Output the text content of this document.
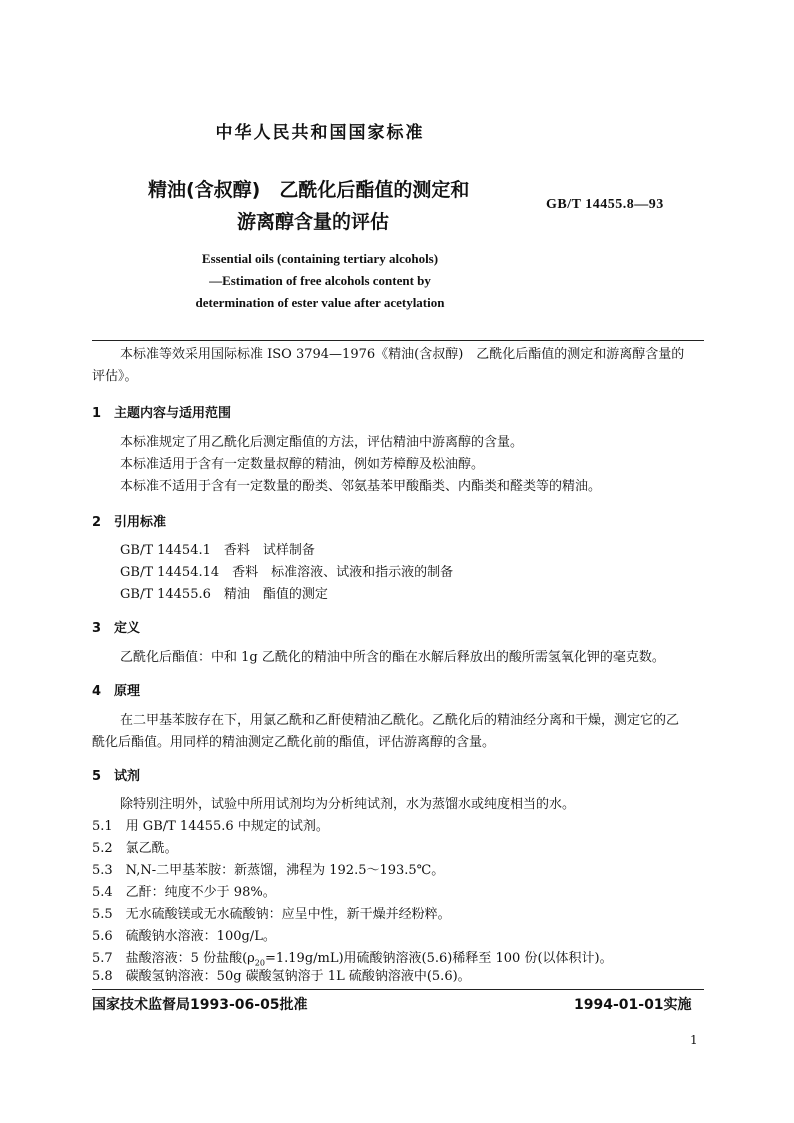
中华人民共和国国家标准
精油(含叔醇)　乙酰化后酯值的测定和
游离醇含量的评估
GB/T 14455.8—93
Essential oils (containing tertiary alcohols)
—Estimation of free alcohols content by
determination of ester value after acetylation
本标准等效采用国际标准 ISO 3794—1976《精油(含叔醇)　乙酰化后酯值的测定和游离醇含量的
评估》。
1　主题内容与适用范围
本标准规定了用乙酰化后测定酯值的方法，评估精油中游离醇的含量。
本标准适用于含有一定数量叔醇的精油，例如芳樟醇及松油醇。
本标准不适用于含有一定数量的酚类、邻氨基苯甲酸酯类、内酯类和醛类等的精油。
2　引用标准
GB/T 14454.1　香料　试样制备
GB/T 14454.14　香料　标准溶液、试液和指示液的制备
GB/T 14455.6　精油　酯值的测定
3　定义
乙酰化后酯值：中和 1g 乙酰化的精油中所含的酯在水解后释放出的酸所需氢氧化钾的毫克数。
4　原理
在二甲基苯胺存在下，用氯乙酰和乙酐使精油乙酰化。乙酰化后的精油经分离和干燥，测定它的乙
酰化后酯值。用同样的精油测定乙酰化前的酯值，评估游离醇的含量。
5　试剂
除特别注明外，试验中所用试剂均为分析纯试剂，水为蒸馏水或纯度相当的水。
5.1　用 GB/T 14455.6 中规定的试剂。
5.2　氯乙酰。
5.3　N,N-二甲基苯胺：新蒸馏，沸程为 192.5～193.5℃。
5.4　乙酐：纯度不少于 98%。
5.5　无水硫酸镁或无水硫酸钠：应呈中性，新干燥并经粉粹。
5.6　硫酸钠水溶液：100g/L。
5.7　盐酸溶液：5 份盐酸$(\rho_{20}=1.19g/mL)$用硫酸钠溶液(5.6)稀释至 100 份(以体积计)。
5.8　碳酸氢钠溶液：50g 碳酸氢钠溶于 1L 硫酸钠溶液中(5.6)。
国家技术监督局1993-06-05批准	1994-01-01实施
1
